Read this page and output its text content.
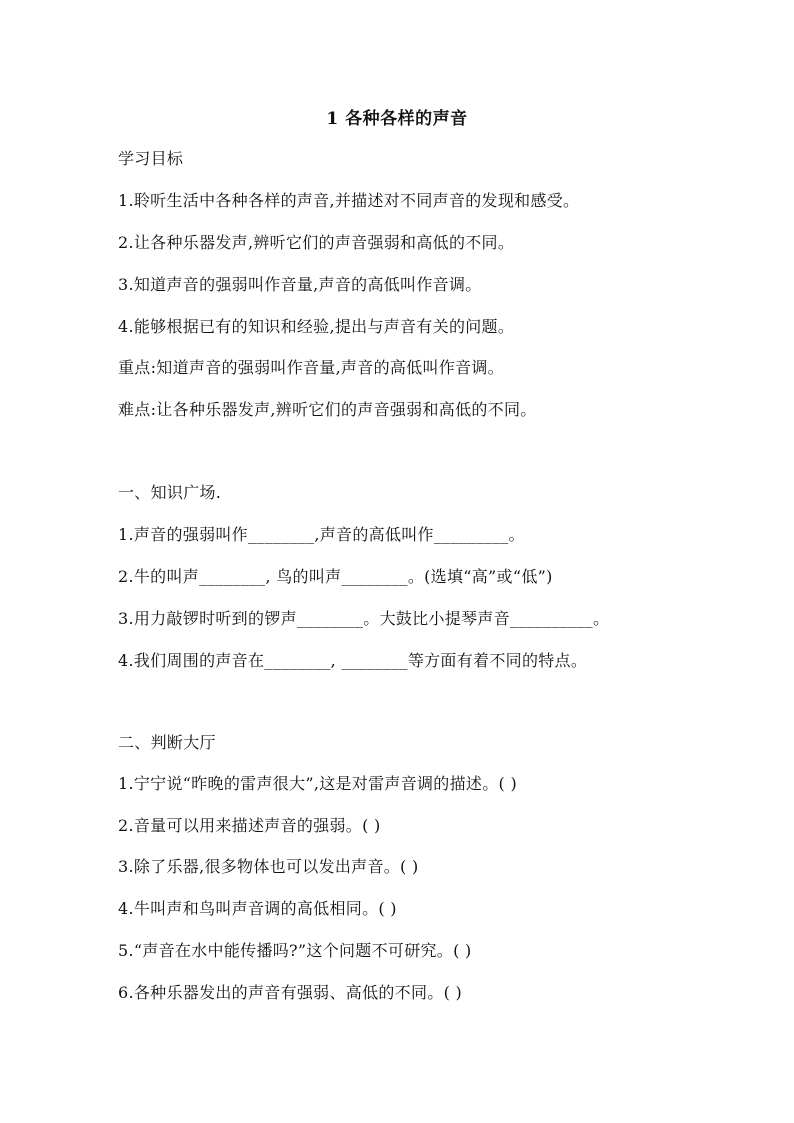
1 各种各样的声音
学习目标
1.聆听生活中各种各样的声音,并描述对不同声音的发现和感受。
2.让各种乐器发声,辨听它们的声音强弱和高低的不同。
3.知道声音的强弱叫作音量,声音的高低叫作音调。
4.能够根据已有的知识和经验,提出与声音有关的问题。
重点:知道声音的强弱叫作音量,声音的高低叫作音调。
难点:让各种乐器发声,辨听它们的声音强弱和高低的不同。
一、知识广场.
1.声音的强弱叫作________,声音的高低叫作_________。
2.牛的叫声________, 鸟的叫声________。(选填“高”或“低”)
3.用力敲锣时听到的锣声________。大鼓比小提琴声音__________。
4.我们周围的声音在________, ________等方面有着不同的特点。
二、判断大厅
1.宁宁说“昨晚的雷声很大”,这是对雷声音调的描述。( )
2.音量可以用来描述声音的强弱。( )
3.除了乐器,很多物体也可以发出声音。( )
4.牛叫声和鸟叫声音调的高低相同。( )
5.“声音在水中能传播吗?”这个问题不可研究。( )
6.各种乐器发出的声音有强弱、高低的不同。( )
